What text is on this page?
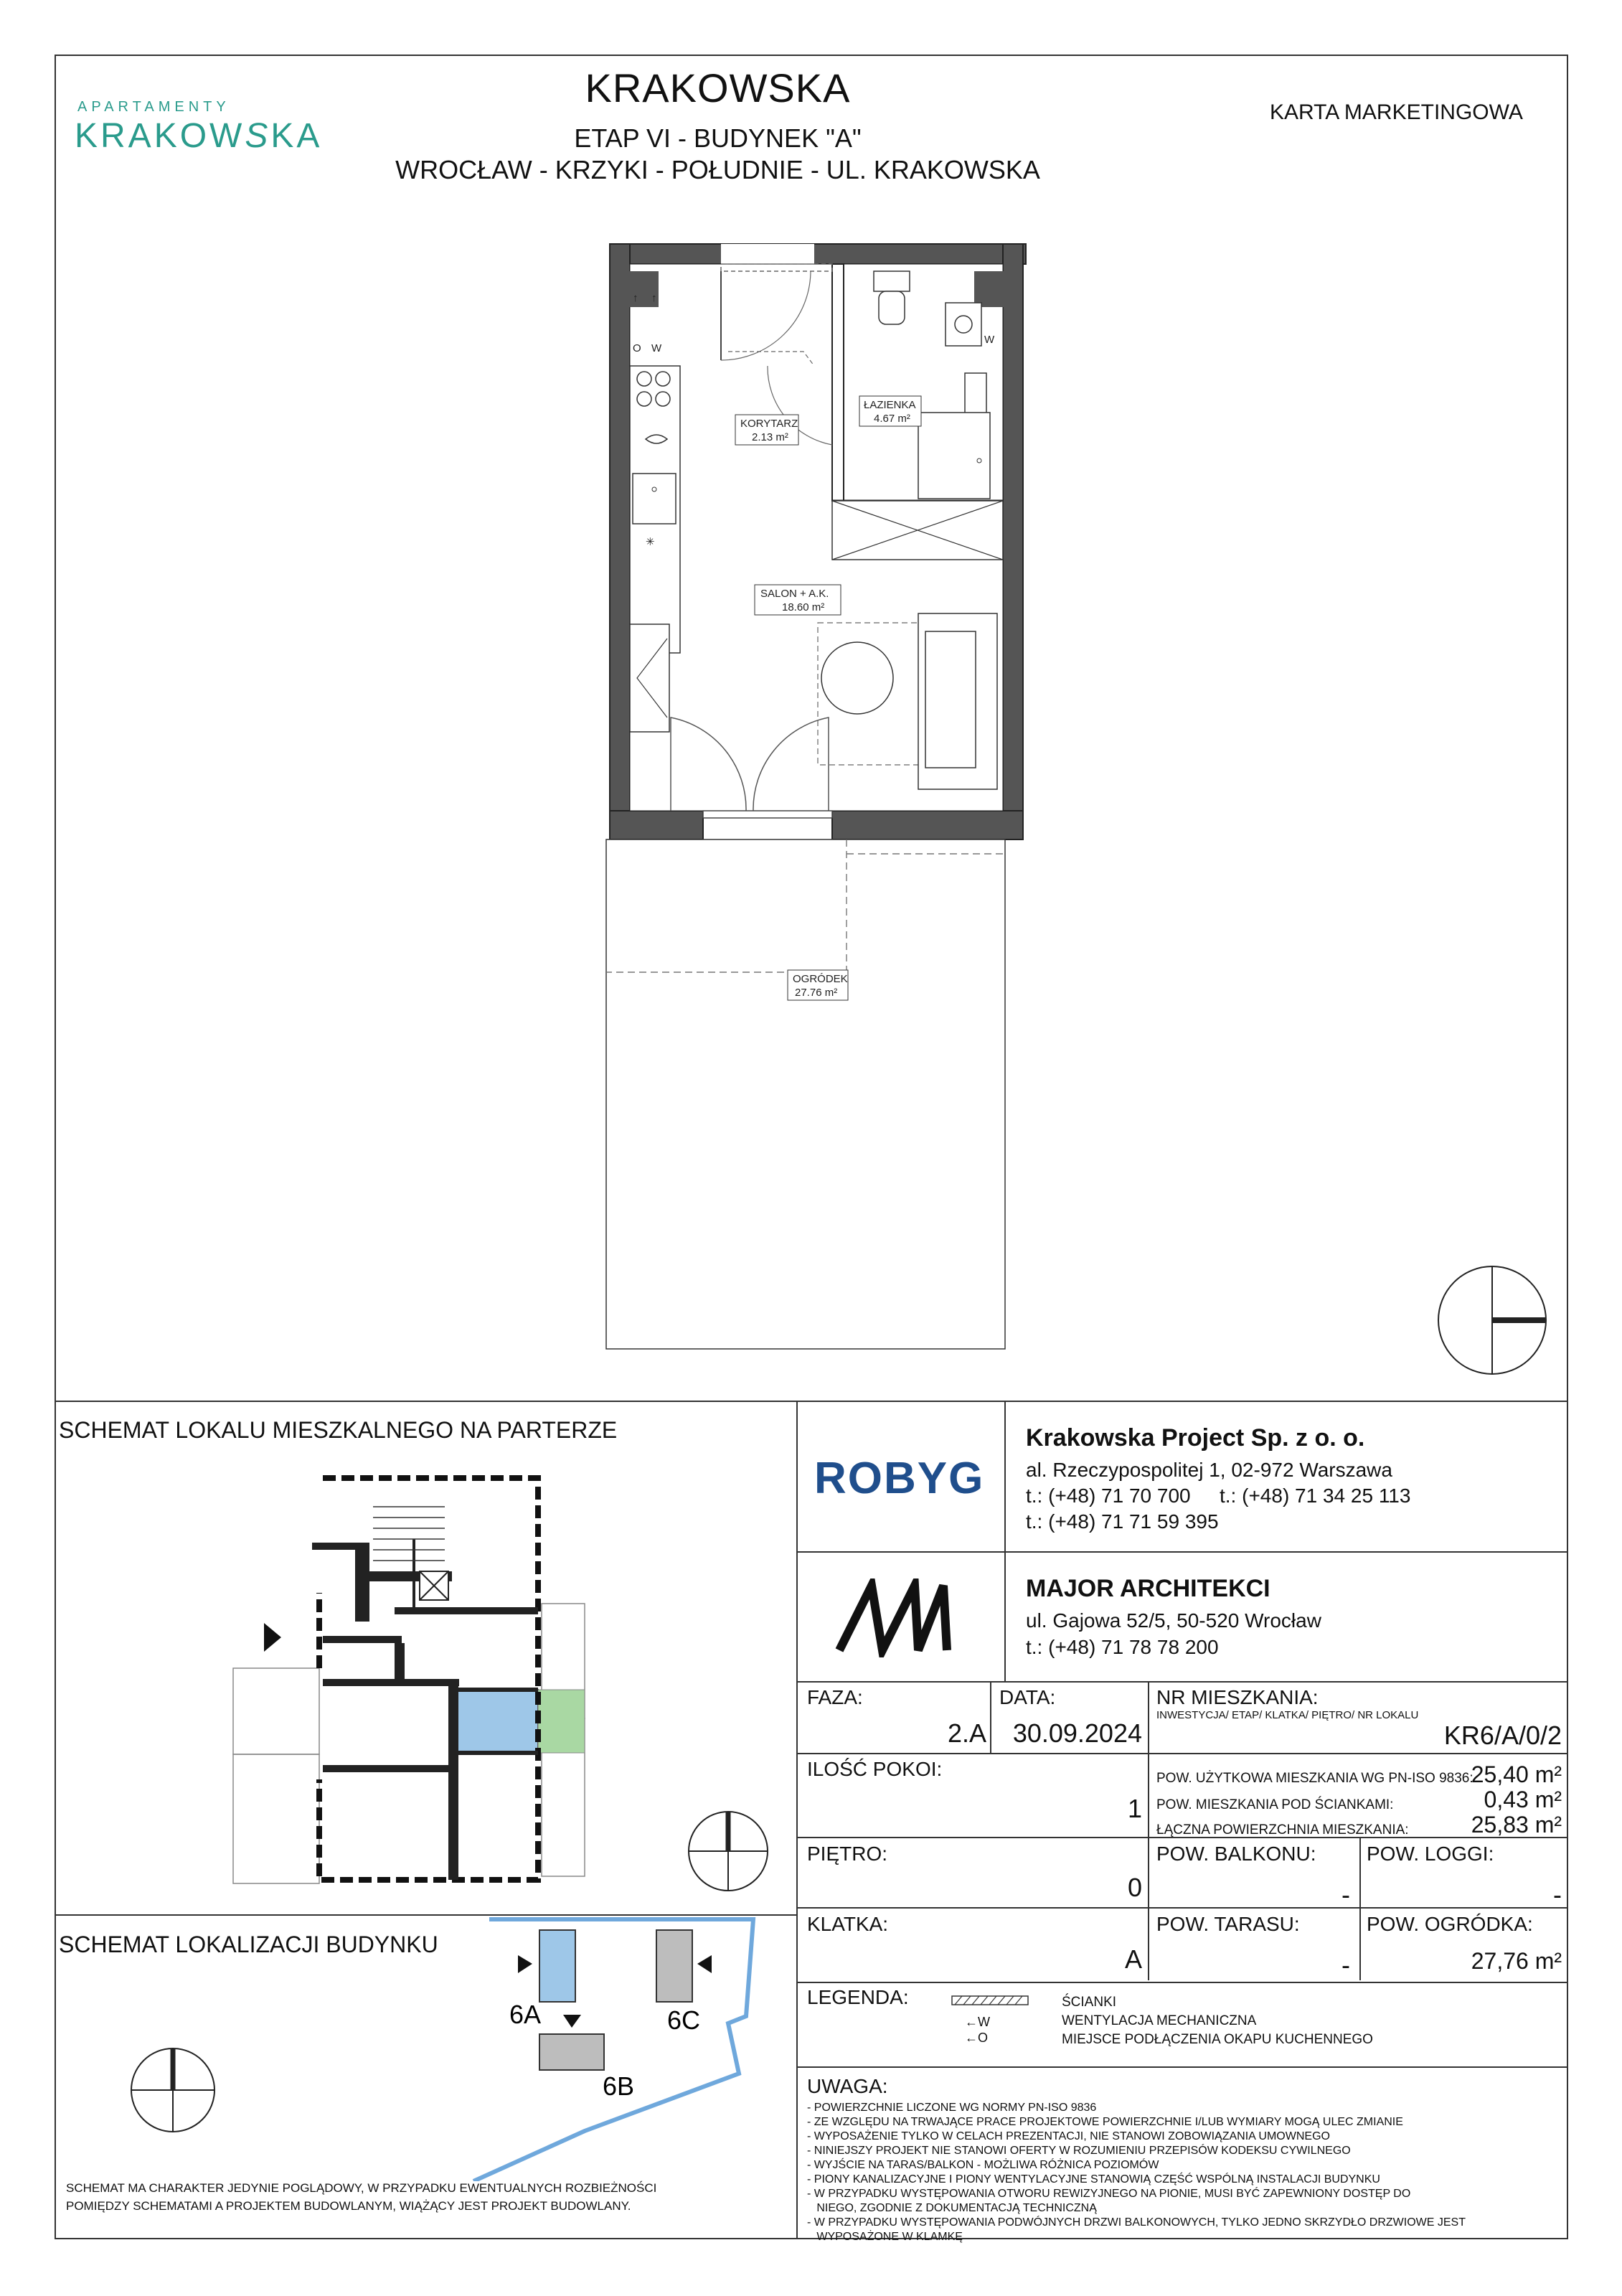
APARTAMENTY
KRAKOWSKA
KRAKOWSKA
ETAP VI - BUDYNEK "A"
WROCŁAW - KRZYKI - POŁUDNIE - UL. KRAKOWSKA
KARTA MARKETINGOWA
W
↑ ↑
O W
✳
KORYTARZ
2.13 m²
ŁAZIENKA
4.67 m²
SALON + A.K.
18.60 m²
OGRÓDEK
27.76 m²
SCHEMAT LOKALU MIESZKALNEGO NA PARTERZE
SCHEMAT LOKALIZACJI BUDYNKU
6A
6B
6C
SCHEMAT MA CHARAKTER JEDYNIE POGLĄDOWY, W PRZYPADKU EWENTUALNYCH ROZBIEŻNOŚCI
POMIĘDZY SCHEMATAMI A PROJEKTEM BUDOWLANYM, WIĄŻĄCY JEST PROJEKT BUDOWLANY.
ROBYG
Krakowska Project Sp. z o. o.
al. Rzeczypospolitej 1, 02-972 Warszawa
t.: (+48) 71 70 700 t.: (+48) 71 34 25 113
t.: (+48) 71 71 59 395
MAJOR ARCHITEKCI
ul. Gajowa 52/5, 50-520 Wrocław
t.: (+48) 71 78 78 200
FAZA:
2.A
DATA:
30.09.2024
NR MIESZKANIA:
INWESTYCJA/ ETAP/ KLATKA/ PIĘTRO/ NR LOKALU
KR6/A/0/2
ILOŚĆ POKOI:
1
POW. UŻYTKOWA MIESZKANIA WG PN-ISO 9836:
25,40 m²
POW. MIESZKANIA POD ŚCIANKAMI:	0,43 m²
ŁĄCZNA POWIERZCHNIA MIESZKANIA:	25,83 m²
PIĘTRO:
0
POW. BALKONU:
-
POW. LOGGI:
-
KLATKA:
A
POW. TARASU:
-
POW. OGRÓDKA:
27,76 m²
LEGENDA:
←W
←O
ŚCIANKI
WENTYLACJA MECHANICZNA
MIEJSCE PODŁĄCZENIA OKAPU KUCHENNEGO
UWAGA:
- POWIERZCHNIE LICZONE WG NORMY PN-ISO 9836
- ZE WZGLĘDU NA TRWAJĄCE PRACE PROJEKTOWE POWIERZCHNIE I/LUB WYMIARY MOGĄ ULEC ZMIANIE
- WYPOSAŻENIE TYLKO W CELACH PREZENTACJI, NIE STANOWI ZOBOWIĄZANIA UMOWNEGO
- NINIEJSZY PROJEKT NIE STANOWI OFERTY W ROZUMIENIU PRZEPISÓW KODEKSU CYWILNEGO
- WYJŚCIE NA TARAS/BALKON - MOŻLIWA RÓŻNICA POZIOMÓW
- PIONY KANALIZACYJNE I PIONY WENTYLACYJNE STANOWIĄ CZĘŚĆ WSPÓLNĄ INSTALACJI BUDYNKU
- W PRZYPADKU WYSTĘPOWANIA OTWORU REWIZYJNEGO NA PIONIE, MUSI BYĆ ZAPEWNIONY DOSTĘP DO
NIEGO, ZGODNIE Z DOKUMENTACJĄ TECHNICZNĄ
- W PRZYPADKU WYSTĘPOWANIA PODWÓJNYCH DRZWI BALKONOWYCH, TYLKO JEDNO SKRZYDŁO DRZWIOWE JEST
WYPOSAŻONE W KLAMKĘ
